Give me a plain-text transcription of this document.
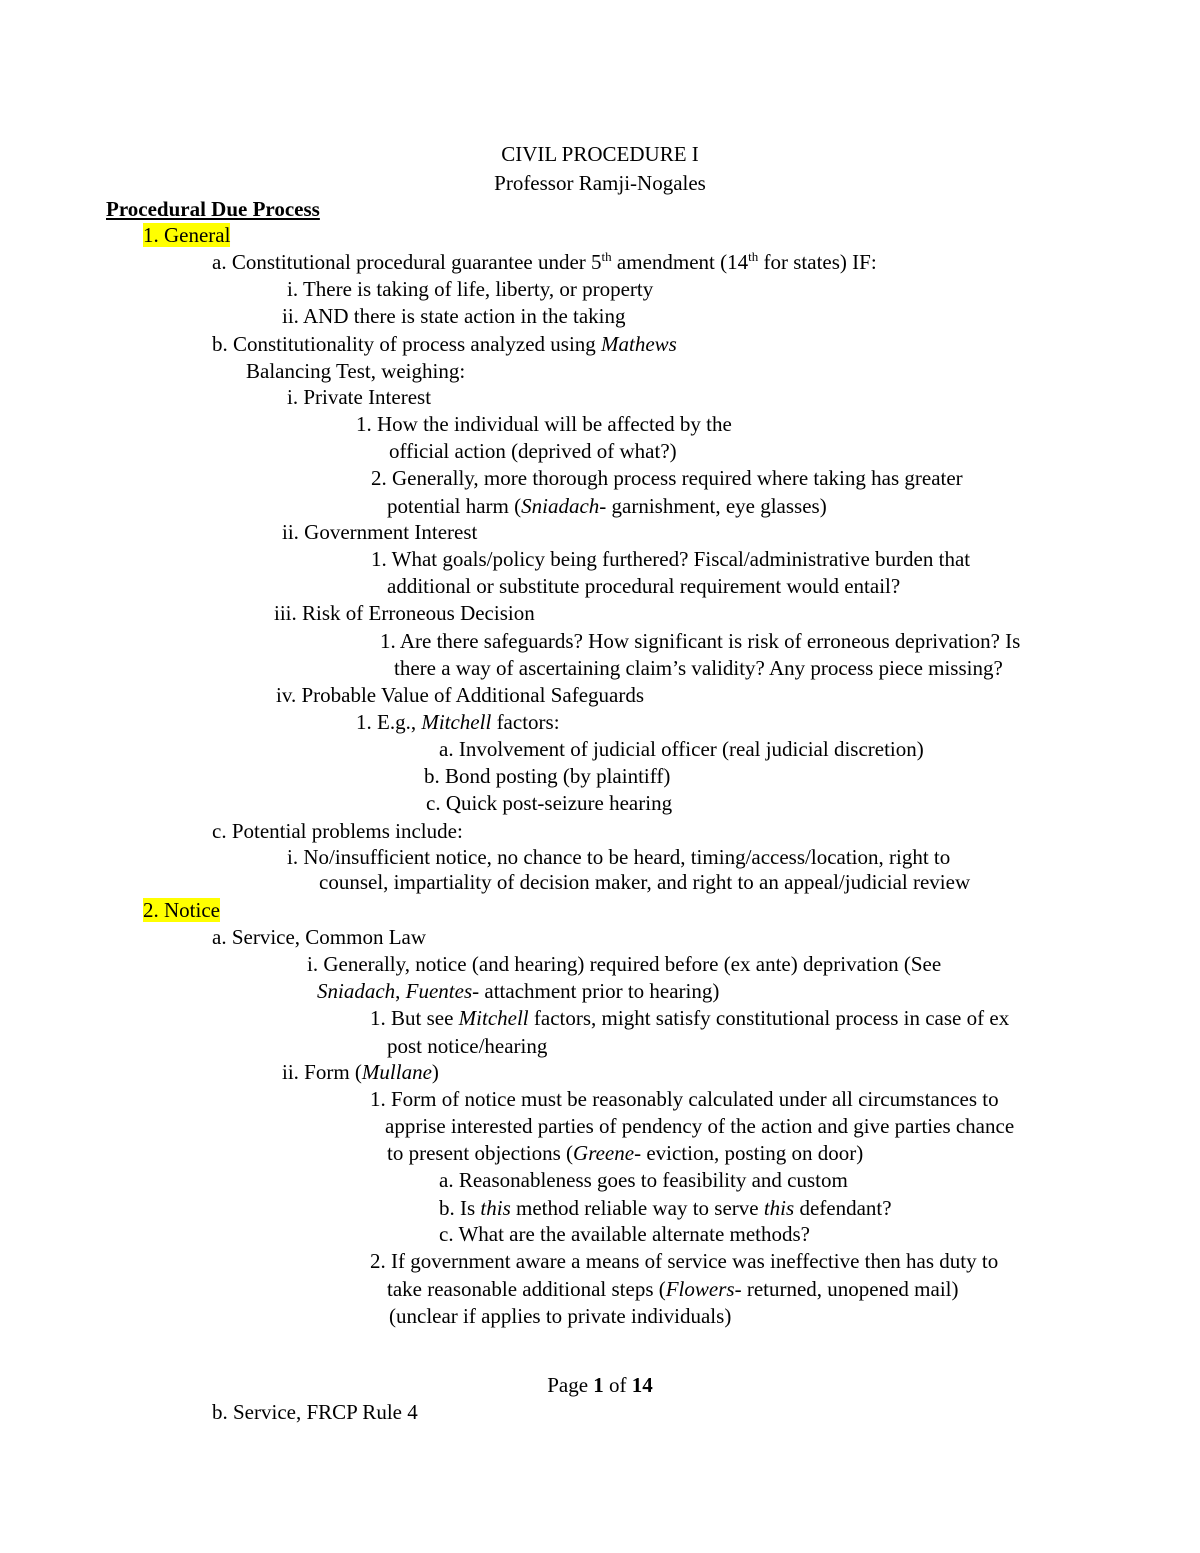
CIVIL PROCEDURE I
Professor Ramji-Nogales
Procedural Due Process
1. General
a. Constitutional procedural guarantee under 5th amendment (14th for states) IF:
i. There is taking of life, liberty, or property
ii. AND there is state action in the taking
b. Constitutionality of process analyzed using Mathews
Balancing Test, weighing:
i. Private Interest
1. How the individual will be affected by the
official action (deprived of what?)
2. Generally, more thorough process required where taking has greater
potential harm (Sniadach- garnishment, eye glasses)
ii. Government Interest
1. What goals/policy being furthered? Fiscal/administrative burden that
additional or substitute procedural requirement would entail?
iii. Risk of Erroneous Decision
1. Are there safeguards? How significant is risk of erroneous deprivation? Is
there a way of ascertaining claim’s validity? Any process piece missing?
iv. Probable Value of Additional Safeguards
1. E.g., Mitchell factors:
a. Involvement of judicial officer (real judicial discretion)
b. Bond posting (by plaintiff)
c. Quick post-seizure hearing
c. Potential problems include:
i. No/insufficient notice, no chance to be heard, timing/access/location, right to
counsel, impartiality of decision maker, and right to an appeal/judicial review
2. Notice
a. Service, Common Law
i. Generally, notice (and hearing) required before (ex ante) deprivation (See
Sniadach, Fuentes- attachment prior to hearing)
1. But see Mitchell factors, might satisfy constitutional process in case of ex
post notice/hearing
ii. Form (Mullane)
1. Form of notice must be reasonably calculated under all circumstances to
apprise interested parties of pendency of the action and give parties chance
to present objections (Greene- eviction, posting on door)
a. Reasonableness goes to feasibility and custom
b. Is this method reliable way to serve this defendant?
c. What are the available alternate methods?
2. If government aware a means of service was ineffective then has duty to
take reasonable additional steps (Flowers- returned, unopened mail)
(unclear if applies to private individuals)
Page 1 of 14
b. Service, FRCP Rule 4
